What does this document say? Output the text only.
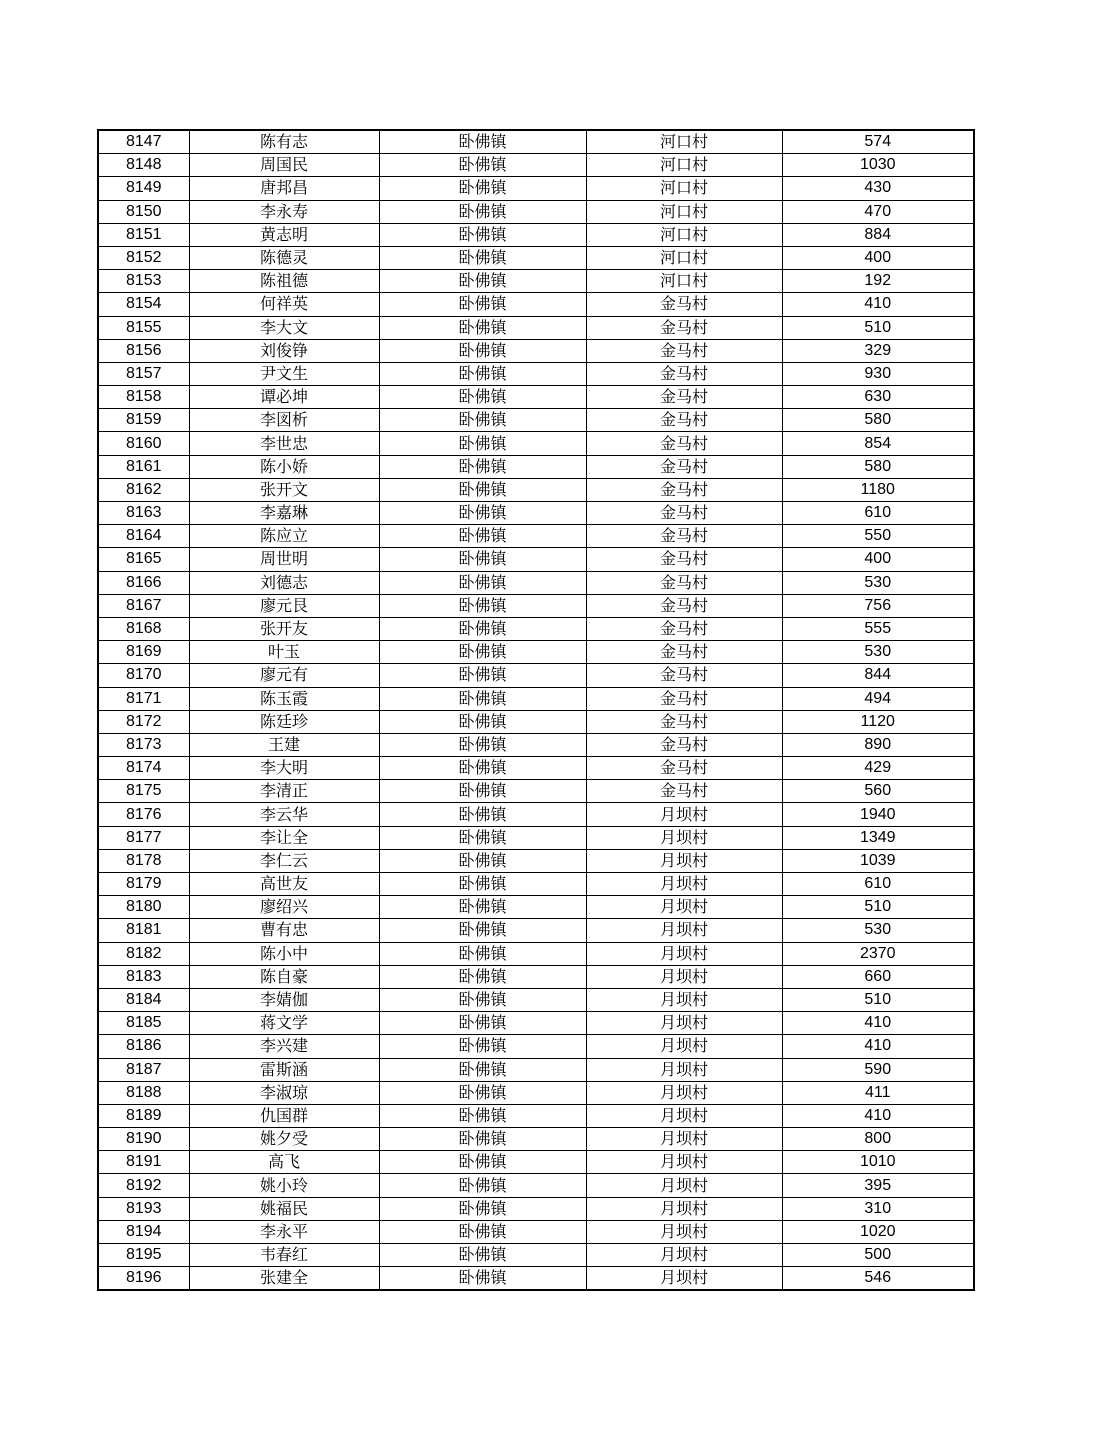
8147	陈有志	卧佛镇	河口村	574
8148	周国民	卧佛镇	河口村	1030
8149	唐邦昌	卧佛镇	河口村	430
8150	李永寿	卧佛镇	河口村	470
8151	黄志明	卧佛镇	河口村	884
8152	陈德灵	卧佛镇	河口村	400
8153	陈祖德	卧佛镇	河口村	192
8154	何祥英	卧佛镇	金马村	410
8155	李大文	卧佛镇	金马村	510
8156	刘俊铮	卧佛镇	金马村	329
8157	尹文生	卧佛镇	金马村	930
8158	谭必坤	卧佛镇	金马村	630
8159	李図析	卧佛镇	金马村	580
8160	李世忠	卧佛镇	金马村	854
8161	陈小娇	卧佛镇	金马村	580
8162	张开文	卧佛镇	金马村	1180
8163	李嘉琳	卧佛镇	金马村	610
8164	陈应立	卧佛镇	金马村	550
8165	周世明	卧佛镇	金马村	400
8166	刘德志	卧佛镇	金马村	530
8167	廖元艮	卧佛镇	金马村	756
8168	张开友	卧佛镇	金马村	555
8169	叶玉	卧佛镇	金马村	530
8170	廖元有	卧佛镇	金马村	844
8171	陈玉霞	卧佛镇	金马村	494
8172	陈廷珍	卧佛镇	金马村	1120
8173	王建	卧佛镇	金马村	890
8174	李大明	卧佛镇	金马村	429
8175	李清正	卧佛镇	金马村	560
8176	李云华	卧佛镇	月坝村	1940
8177	李让全	卧佛镇	月坝村	1349
8178	李仁云	卧佛镇	月坝村	1039
8179	高世友	卧佛镇	月坝村	610
8180	廖绍兴	卧佛镇	月坝村	510
8181	曹有忠	卧佛镇	月坝村	530
8182	陈小中	卧佛镇	月坝村	2370
8183	陈自豪	卧佛镇	月坝村	660
8184	李婧伽	卧佛镇	月坝村	510
8185	蒋文学	卧佛镇	月坝村	410
8186	李兴建	卧佛镇	月坝村	410
8187	雷斯涵	卧佛镇	月坝村	590
8188	李淑琼	卧佛镇	月坝村	411
8189	仇国群	卧佛镇	月坝村	410
8190	姚夕受	卧佛镇	月坝村	800
8191	高飞	卧佛镇	月坝村	1010
8192	姚小玲	卧佛镇	月坝村	395
8193	姚福民	卧佛镇	月坝村	310
8194	李永平	卧佛镇	月坝村	1020
8195	韦春红	卧佛镇	月坝村	500
8196	张建全	卧佛镇	月坝村	546
